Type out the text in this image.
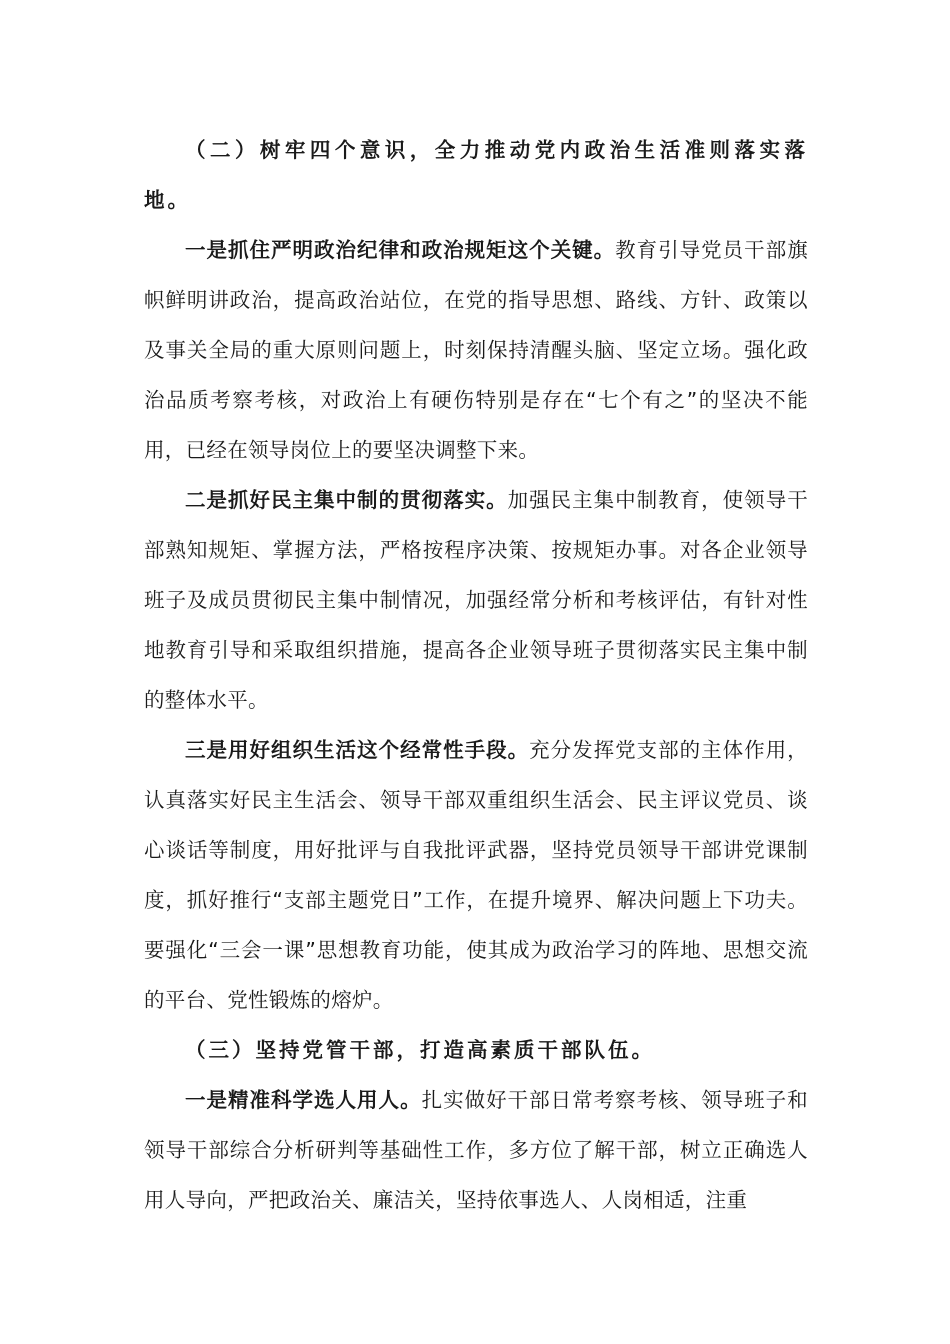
（二）树牢四个意识，全力推动党内政治生活准则落实落地。

一是抓住严明政治纪律和政治规矩这个关键。教育引导党员干部旗帜鲜明讲政治，提高政治站位，在党的指导思想、路线、方针、政策以及事关全局的重大原则问题上，时刻保持清醒头脑、坚定立场。强化政治品质考察考核，对政治上有硬伤特别是存在“七个有之”的坚决不能用，已经在领导岗位上的要坚决调整下来。

二是抓好民主集中制的贯彻落实。加强民主集中制教育，使领导干部熟知规矩、掌握方法，严格按程序决策、按规矩办事。对各企业领导班子及成员贯彻民主集中制情况，加强经常分析和考核评估，有针对性地教育引导和采取组织措施，提高各企业领导班子贯彻落实民主集中制的整体水平。

三是用好组织生活这个经常性手段。充分发挥党支部的主体作用，认真落实好民主生活会、领导干部双重组织生活会、民主评议党员、谈心谈话等制度，用好批评与自我批评武器，坚持党员领导干部讲党课制度，抓好推行“支部主题党日”工作，在提升境界、解决问题上下功夫。要强化“三会一课”思想教育功能，使其成为政治学习的阵地、思想交流的平台、党性锻炼的熔炉。

（三）坚持党管干部，打造高素质干部队伍。

一是精准科学选人用人。扎实做好干部日常考察考核、领导班子和领导干部综合分析研判等基础性工作，多方位了解干部，树立正确选人用人导向，严把政治关、廉洁关，坚持依事选人、人岗相适，注重
